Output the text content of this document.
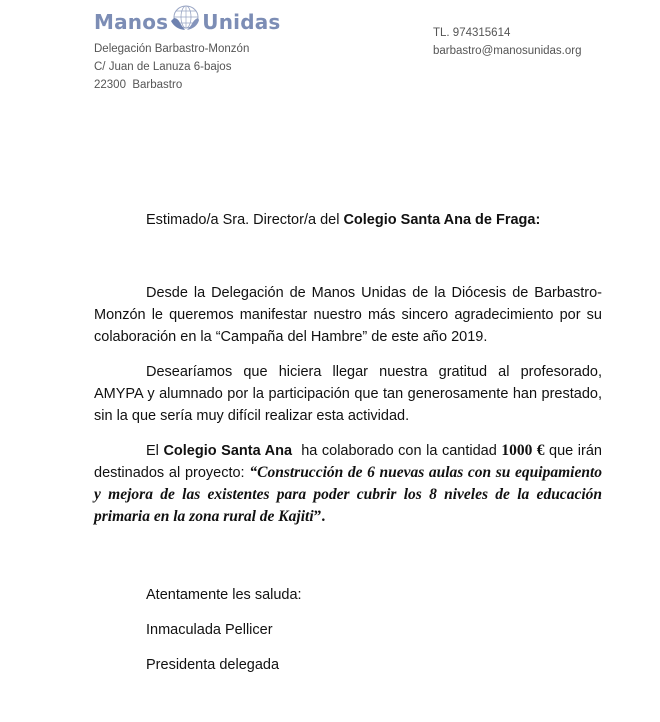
Manos Unidas
Delegación Barbastro-Monzón
C/ Juan de Lanuza 6-bajos
22300  Barbastro
TL. 974315614
barbastro@manosunidas.org
Estimado/a Sra. Director/a del Colegio Santa Ana de Fraga:
Desde la Delegación de Manos Unidas de la Diócesis de Barbastro-Monzón le queremos manifestar nuestro más sincero agradecimiento por su colaboración en la “Campaña del Hambre” de este año 2019.
Desearíamos que hiciera llegar nuestra gratitud al profesorado, AMYPA y alumnado por la participación que tan generosamente han prestado, sin la que sería muy difícil realizar esta actividad.
El Colegio Santa Ana  ha colaborado con la cantidad 1000 € que irán destinados al proyecto: “Construcción de 6 nuevas aulas con su equipamiento y mejora de las existentes para poder cubrir los 8 niveles de la educación primaria en la zona rural de Kajiti”.
Atentamente les saluda:
Inmaculada Pellicer
Presidenta delegada
